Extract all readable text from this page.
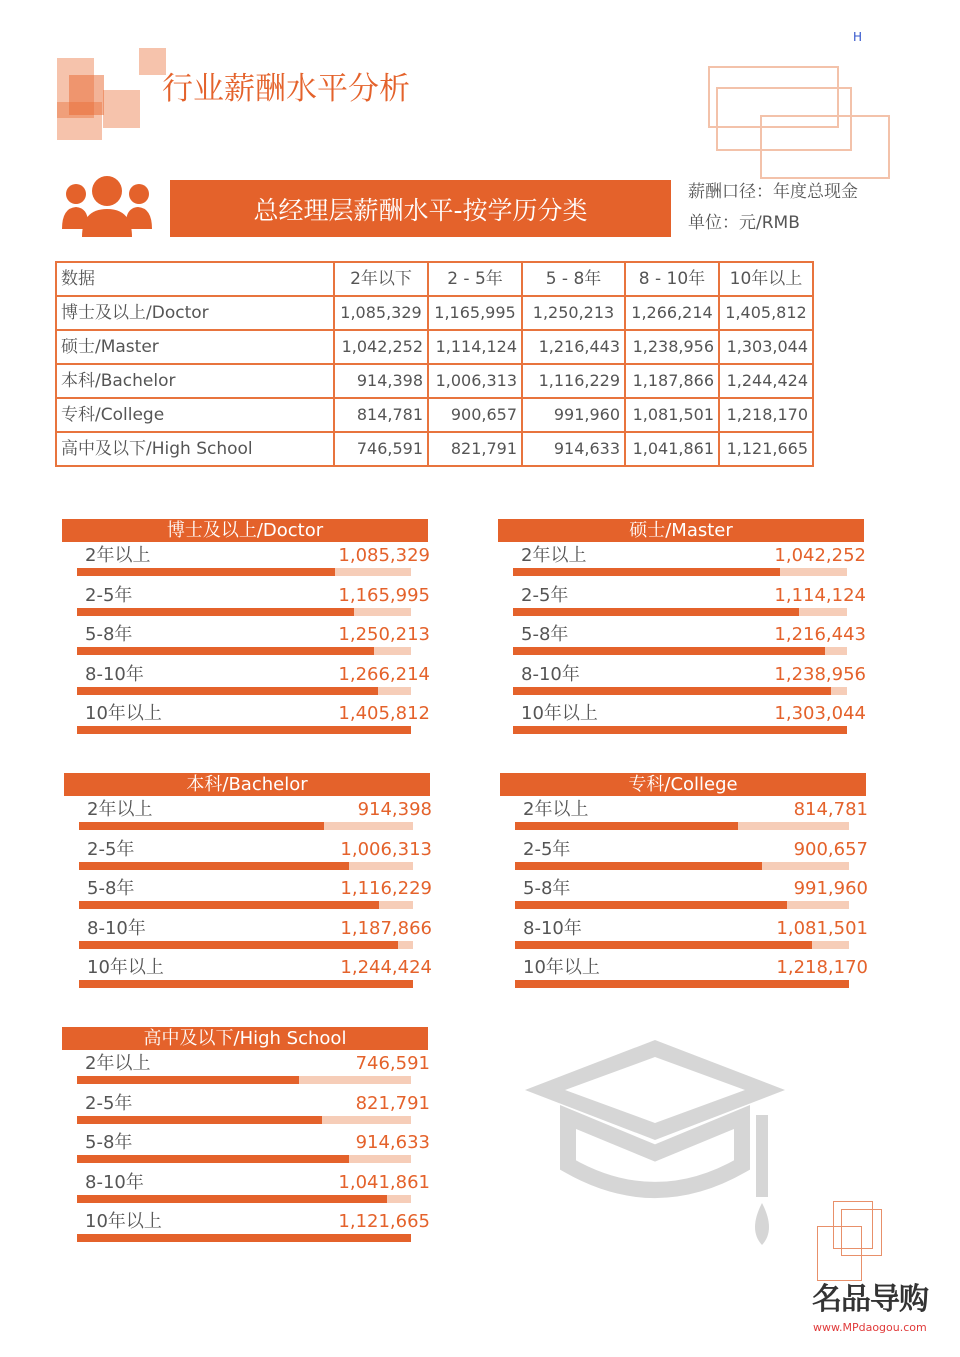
H
行业薪酬水平分析
总经理层薪酬水平-按学历分类
薪酬口径：年度总现金
单位：元/RMB
数据	2年以下	2 - 5年	5 - 8年	8 - 10年	10年以上
博士及以上/Doctor	1,085,329	1,165,995	1,250,213	1,266,214	1,405,812
硕士/Master	1,042,252	1,114,124	1,216,443	1,238,956	1,303,044
本科/Bachelor	914,398	1,006,313	1,116,229	1,187,866	1,244,424
专科/College	814,781	900,657	991,960	1,081,501	1,218,170
高中及以下/High School	746,591	821,791	914,633	1,041,861	1,121,665
博士及以上/Doctor
2年以上	1,085,329
2-5年	1,165,995
5-8年	1,250,213
8-10年	1,266,214
10年以上	1,405,812
硕士/Master
2年以上	1,042,252
2-5年	1,114,124
5-8年	1,216,443
8-10年	1,238,956
10年以上	1,303,044
本科/Bachelor
2年以上	914,398
2-5年	1,006,313
5-8年	1,116,229
8-10年	1,187,866
10年以上	1,244,424
专科/College
2年以上	814,781
2-5年	900,657
5-8年	991,960
8-10年	1,081,501
10年以上	1,218,170
高中及以下/High School
2年以上	746,591
2-5年	821,791
5-8年	914,633
8-10年	1,041,861
10年以上	1,121,665
名品导购
www.MPdaogou.com
